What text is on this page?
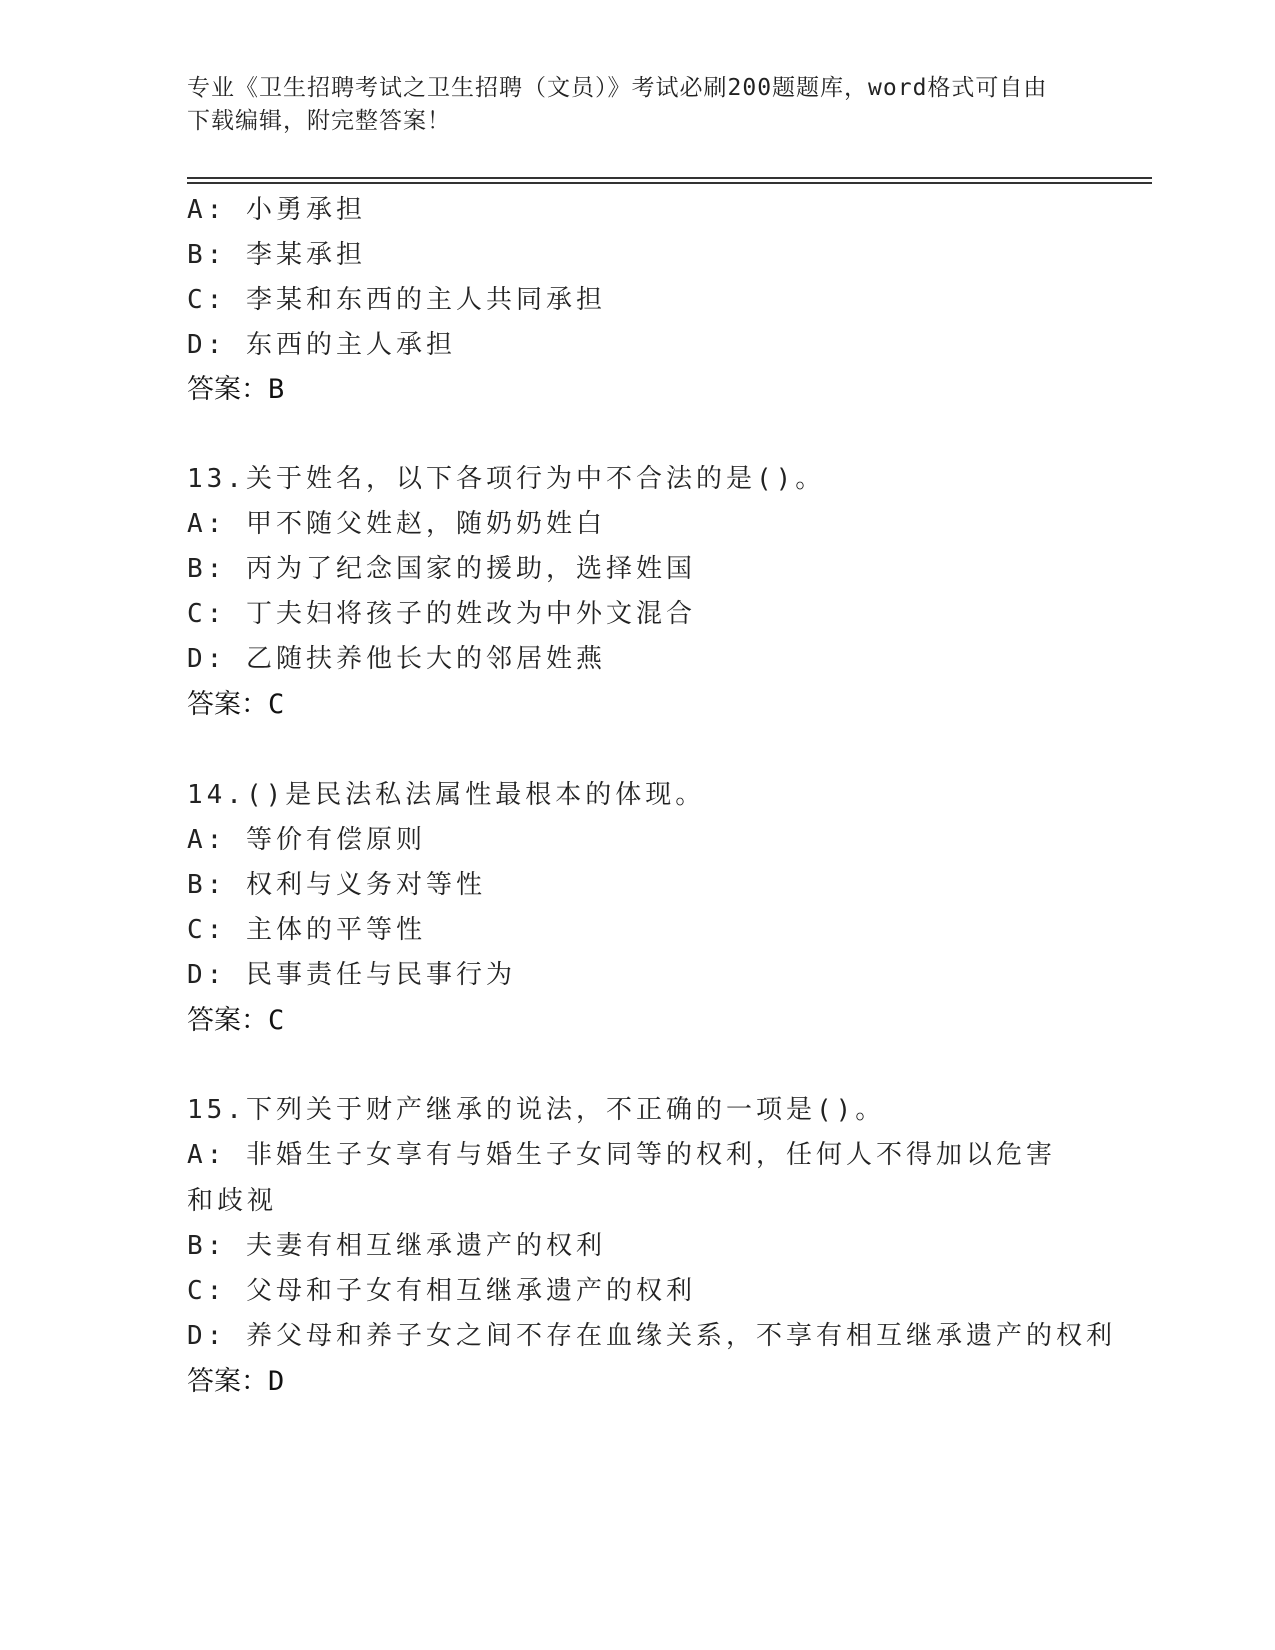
专业《卫生招聘考试之卫生招聘（文员）》考试必刷200题题库，word格式可自由下载编辑，附完整答案！
A: 小勇承担
B: 李某承担
C: 李某和东西的主人共同承担
D: 东西的主人承担
答案：B
13.关于姓名，以下各项行为中不合法的是()。
A: 甲不随父姓赵，随奶奶姓白
B: 丙为了纪念国家的援助，选择姓国
C: 丁夫妇将孩子的姓改为中外文混合
D: 乙随扶养他长大的邻居姓燕
答案：C
14.()是民法私法属性最根本的体现。
A: 等价有偿原则
B: 权利与义务对等性
C: 主体的平等性
D: 民事责任与民事行为
答案：C
15.下列关于财产继承的说法，不正确的一项是()。
A: 非婚生子女享有与婚生子女同等的权利，任何人不得加以危害和歧视
B: 夫妻有相互继承遗产的权利
C: 父母和子女有相互继承遗产的权利
D: 养父母和养子女之间不存在血缘关系，不享有相互继承遗产的权利
答案：D
